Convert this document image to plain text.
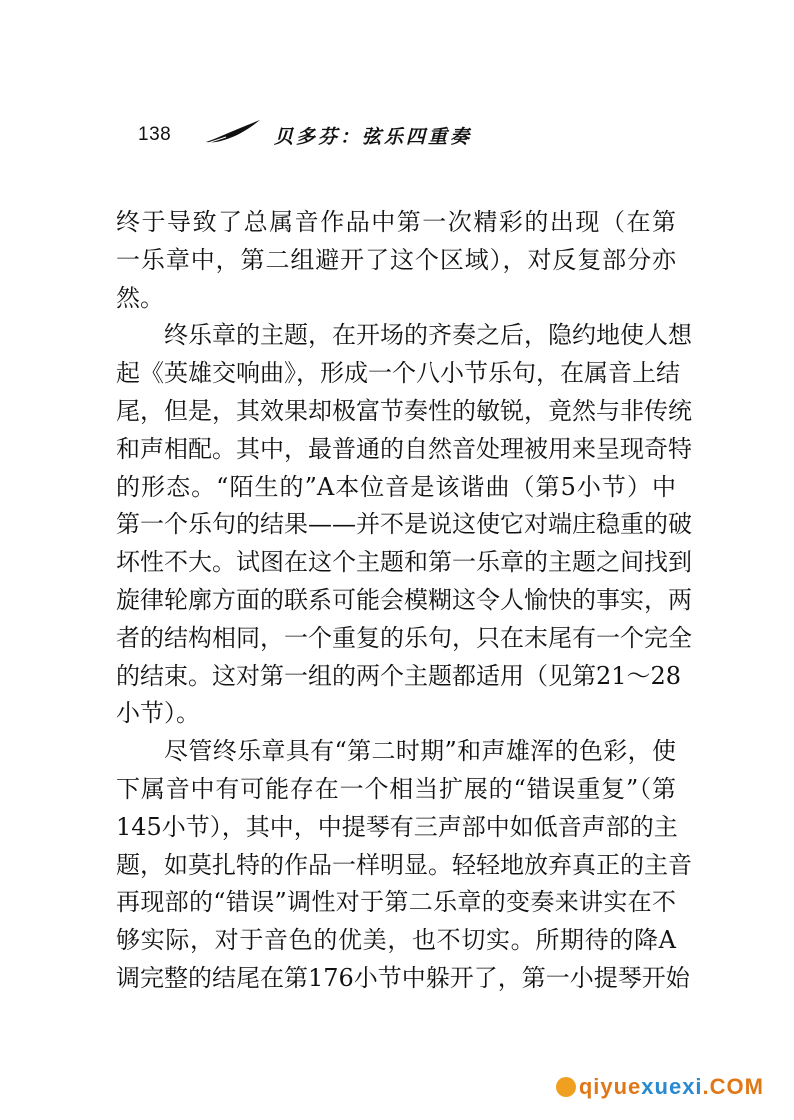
138	贝多芬：弦乐四重奏
终于导致了总属音作品中第一次精彩的出现（在第
一乐章中，第二组避开了这个区域），对反复部分亦
然。
终乐章的主题，在开场的齐奏之后，隐约地使人想
起《英雄交响曲》，形成一个八小节乐句，在属音上结
尾，但是，其效果却极富节奏性的敏锐，竟然与非传统
和声相配。其中，最普通的自然音处理被用来呈现奇特
的形态。“陌生的”A本位音是该谐曲（第5小节）中
第一个乐句的结果——并不是说这使它对端庄稳重的破
坏性不大。试图在这个主题和第一乐章的主题之间找到
旋律轮廓方面的联系可能会模糊这令人愉快的事实，两
者的结构相同，一个重复的乐句，只在末尾有一个完全
的结束。这对第一组的两个主题都适用（见第21～28
小节）。
尽管终乐章具有“第二时期”和声雄浑的色彩，使
下属音中有可能存在一个相当扩展的“错误重复”（第
145小节），其中，中提琴有三声部中如低音声部的主
题，如莫扎特的作品一样明显。轻轻地放弃真正的主音
再现部的“错误”调性对于第二乐章的变奏来讲实在不
够实际，对于音色的优美，也不切实。所期待的降A
调完整的结尾在第176小节中躲开了，第一小提琴开始
qiyue xuexi .COM
